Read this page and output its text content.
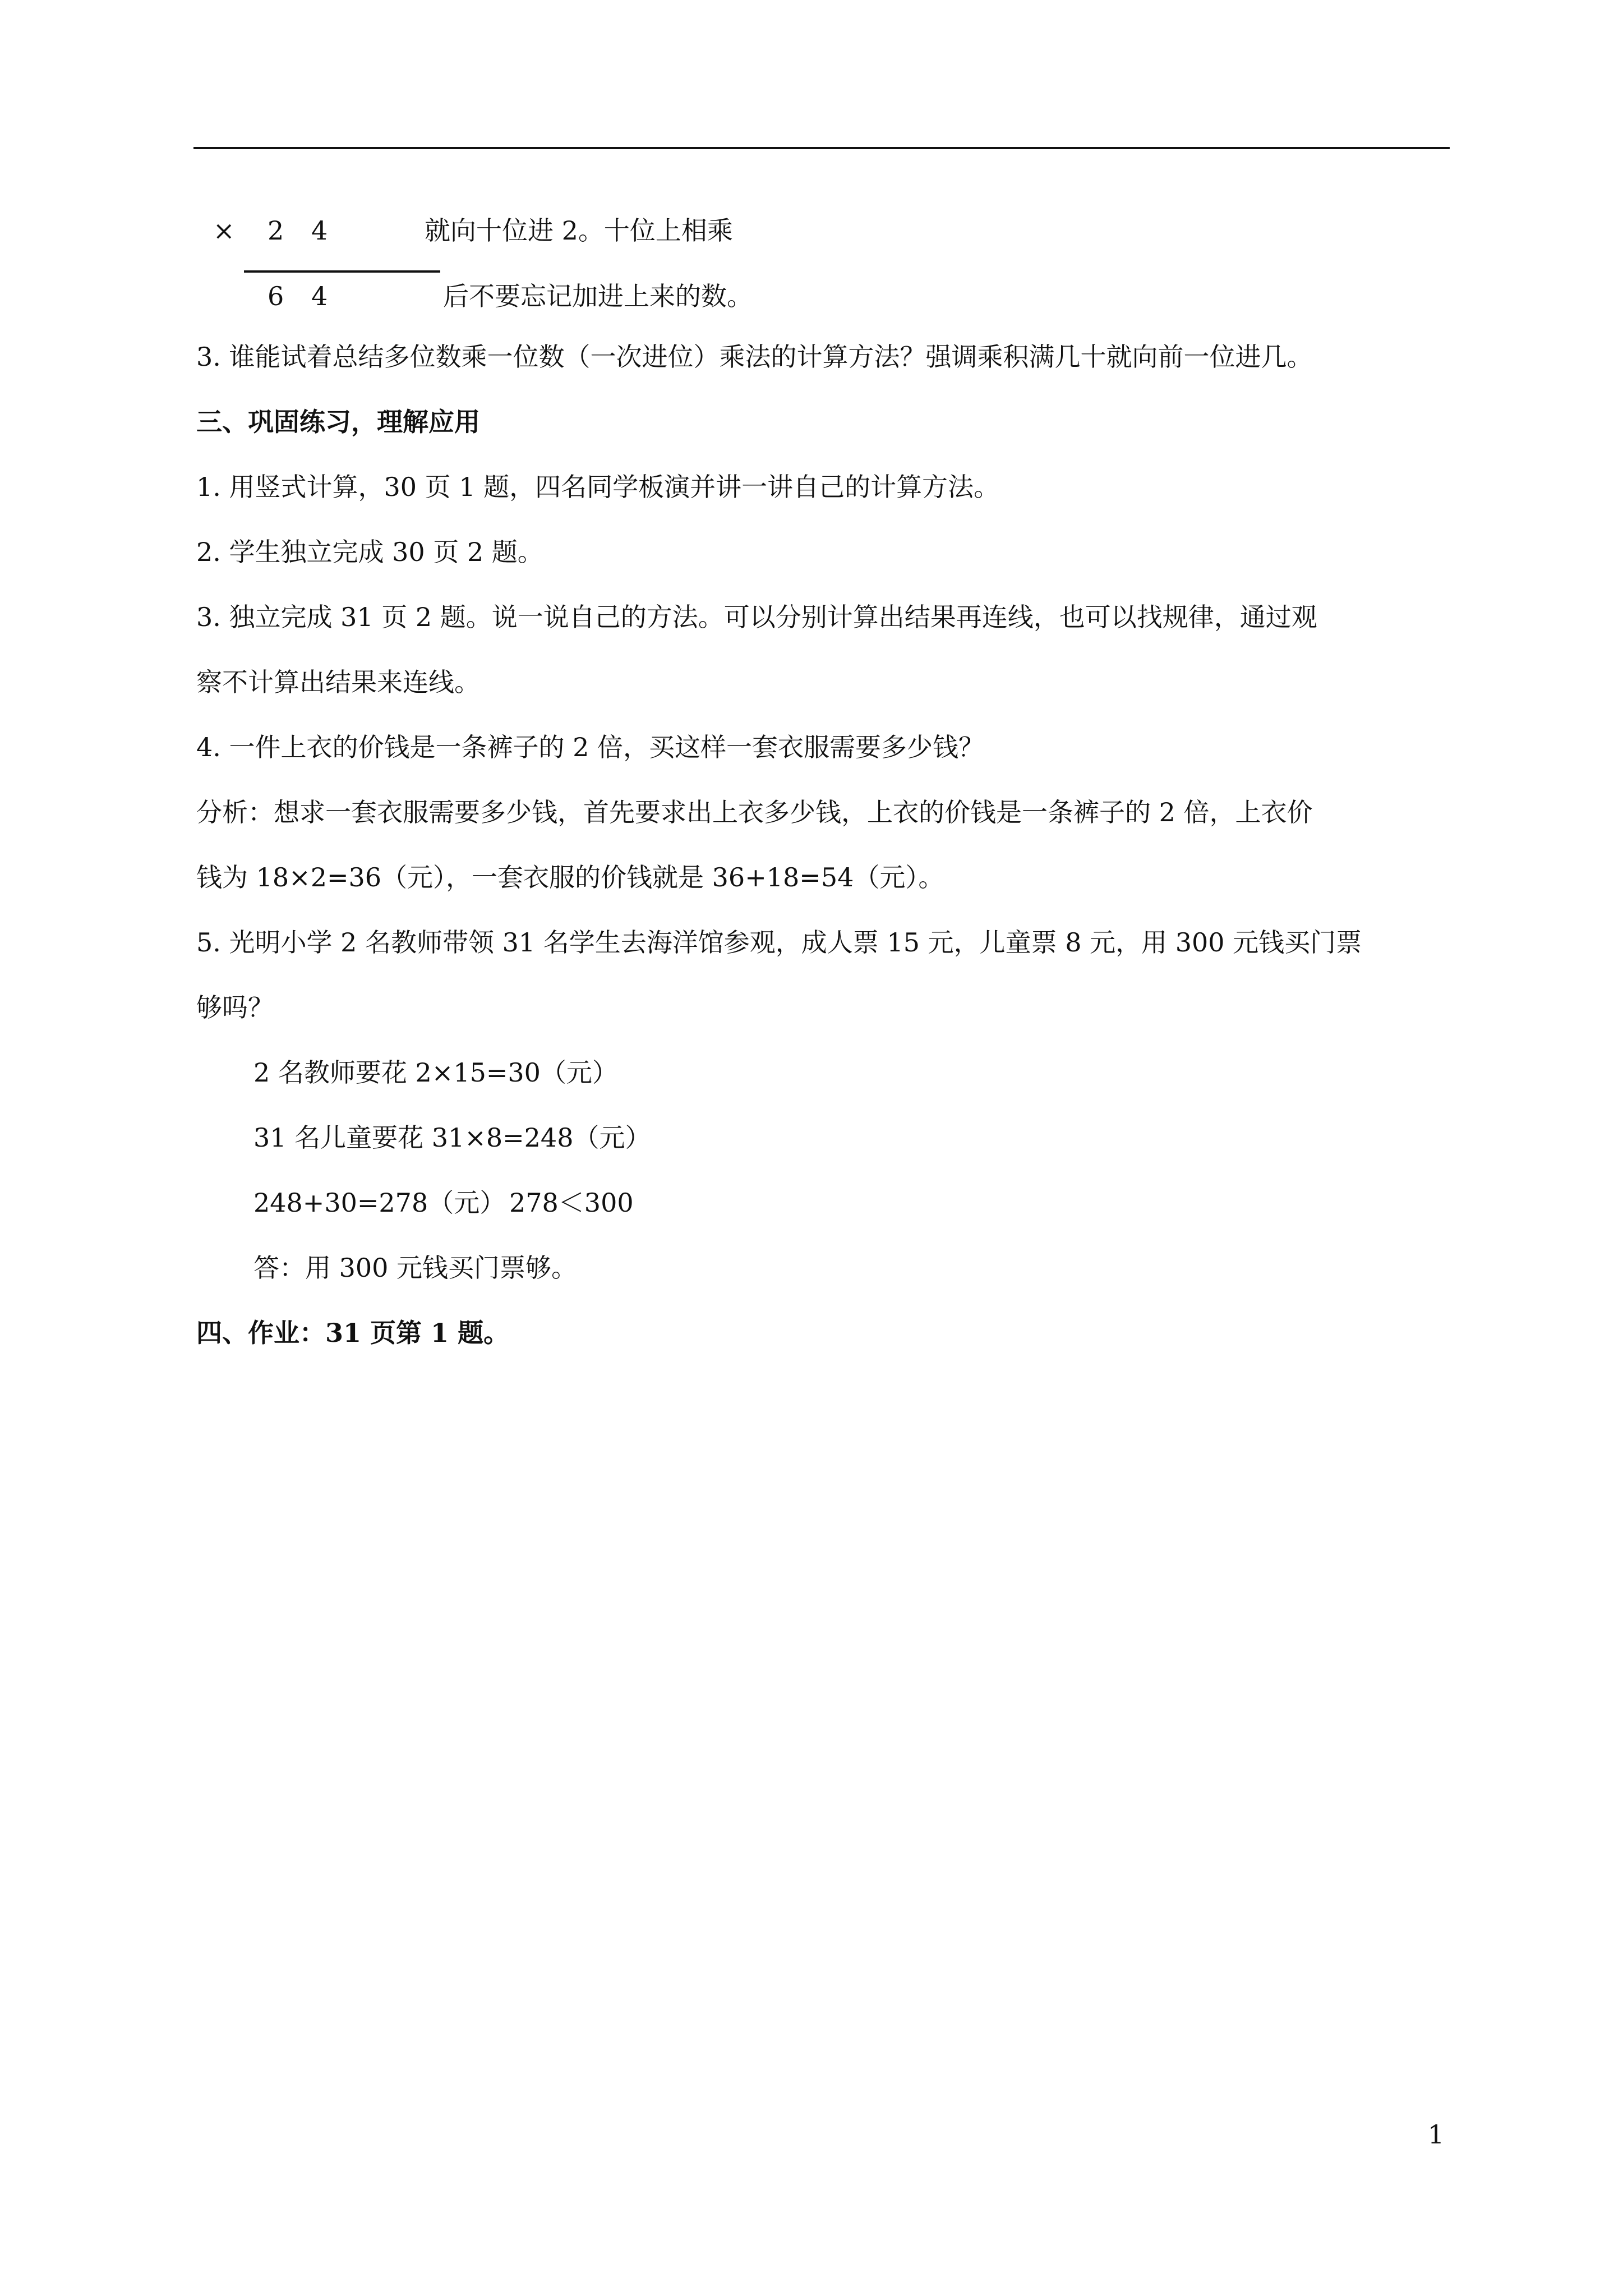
× 2 4	就向十位进 2。十位上相乘
6 4	后不要忘记加进上来的数。
3. 谁能试着总结多位数乘一位数（一次进位）乘法的计算方法？强调乘积满几十就向前一位进几。
三、巩固练习，理解应用
1. 用竖式计算，30 页 1 题，四名同学板演并讲一讲自己的计算方法。
2. 学生独立完成 30 页 2 题。
3. 独立完成 31 页 2 题。说一说自己的方法。可以分别计算出结果再连线，也可以找规律，通过观
察不计算出结果来连线。
4. 一件上衣的价钱是一条裤子的 2 倍，买这样一套衣服需要多少钱？
分析：想求一套衣服需要多少钱，首先要求出上衣多少钱，上衣的价钱是一条裤子的 2 倍，上衣价
钱为 18×2=36（元），一套衣服的价钱就是 36+18=54（元）。
5. 光明小学 2 名教师带领 31 名学生去海洋馆参观，成人票 15 元，儿童票 8 元，用 300 元钱买门票
够吗？
2 名教师要花 2×15=30（元）
31 名儿童要花 31×8=248（元）
248+30=278（元） 278＜300
答：用 300 元钱买门票够。
四、作业：31 页第 1 题。
1
